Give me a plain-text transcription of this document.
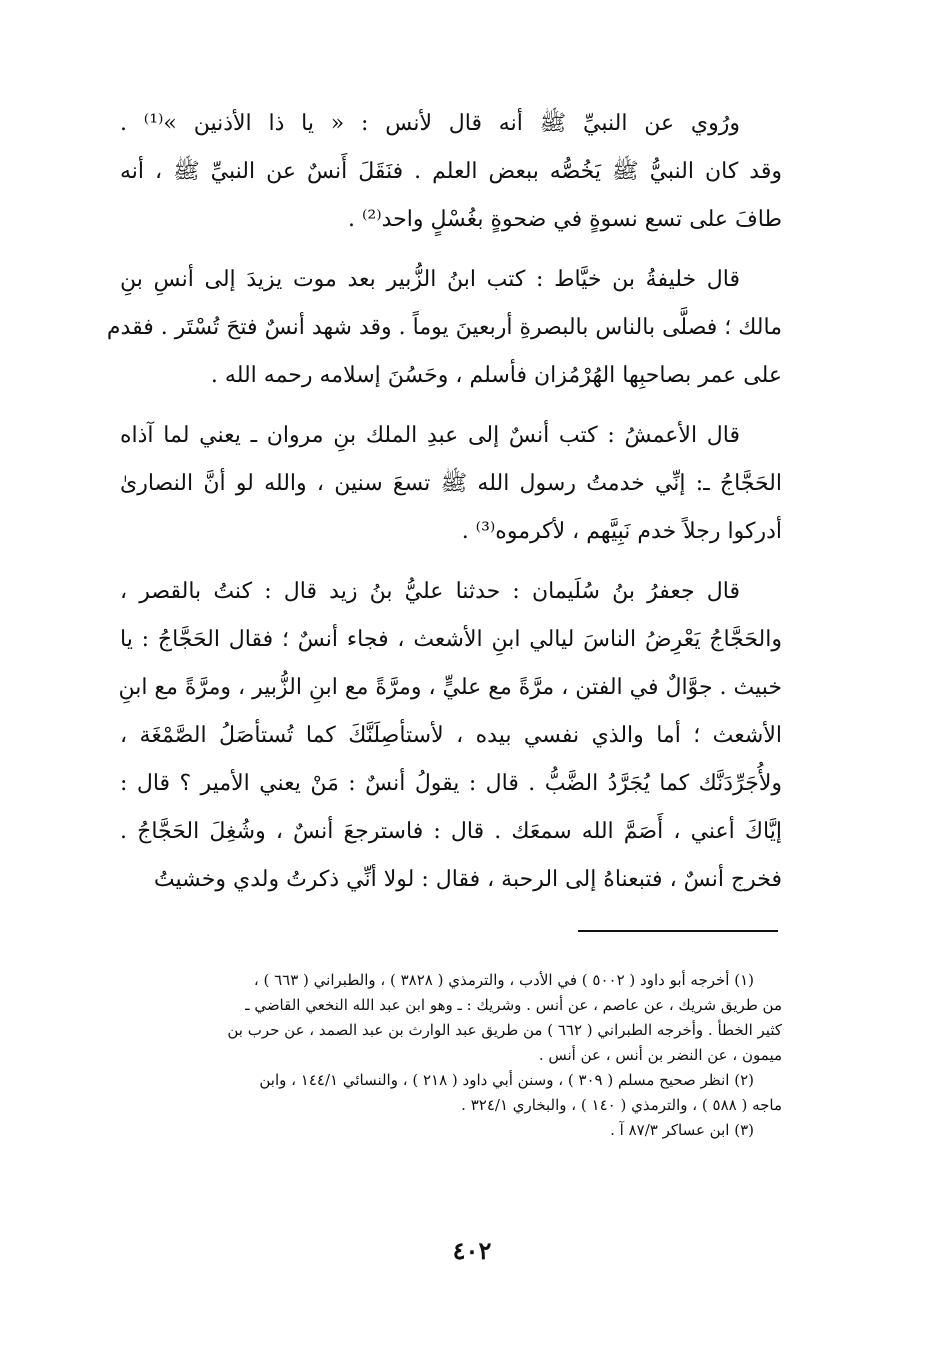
ورُوي عن النبيِّ ﷺ أنه قال لأنس : « يا ذا الأذنين »⁽¹⁾ . وقد كان النبيُّ ﷺ يَخُصُّه ببعض العلم . فنَقَلَ أَنسٌ عن النبيِّ ﷺ ، أنه طافَ على تسع نسوةٍ في ضحوةٍ بغُسْلٍ واحد⁽²⁾ .
قال خليفةُ بن خيَّاط : كتب ابنُ الزُّبير بعد موت يزيدَ إلى أنسِ بنِ مالك ؛ فصلَّى بالناس بالبصرةِ أربعينَ يوماً . وقد شهد أنسٌ فتحَ تُسْتَر . فقدم على عمر بصاحبِها الهُرْمُزان فأسلم ، وحَسُنَ إسلامه رحمه الله .
قال الأعمشُ : كتب أنسٌ إلى عبدِ الملك بنِ مروان ـ يعني لما آذاه الحَجَّاجُ ـ: إنِّي خدمتُ رسول الله ﷺ تسعَ سنين ، والله لو أنَّ النصارىٰ أدركوا رجلاً خدم نَبِيَّهم ، لأكرموه⁽³⁾ .
قال جعفرُ بنُ سُلَيمان : حدثنا عليُّ بنُ زيد قال : كنتُ بالقصر ، والحَجَّاجُ يَعْرِضُ الناسَ ليالي ابنِ الأشعث ، فجاء أنسٌ ؛ فقال الحَجَّاجُ : يا خبيث . جوَّالٌ في الفتن ، مرَّةً مع عليٍّ ، ومرَّةً مع ابنِ الزُّبير ، ومرَّةً مع ابنِ الأشعث ؛ أما والذي نفسي بيده ، لأستأصِلَنَّكَ كما تُستأصَلُ الصَّمْغَة ، ولأُجَرِّدَنَّك كما يُجَرَّدُ الضَّبُّ . قال : يقولُ أنسٌ : مَنْ يعني الأمير ؟ قال : إيَّاكَ أعني ، أَصَمَّ الله سمعَك . قال : فاسترجعَ أنسٌ ، وشُغِلَ الحَجَّاجُ . فخرج أنسٌ ، فتبعناهُ إلى الرحبة ، فقال : لولا أنِّي ذكرتُ ولدي وخشيتُ
(١) أخرجه أبو داود ( ٥٠٠٢ ) في الأدب ، والترمذي ( ٣٨٢٨ ) ، والطبراني ( ٦٦٣ ) ،
من طريق شريك ، عن عاصم ، عن أنس . وشريك : ـ وهو ابن عبد الله النخعي القاضي ـ
كثير الخطأ . وأخرجه الطبراني ( ٦٦٢ ) من طريق عبد الوارث بن عبد الصمد ، عن حرب بن
ميمون ، عن النضر بن أنس ، عن أنس .
(٢) انظر صحيح مسلم ( ٣٠٩ ) ، وسنن أبي داود ( ٢١٨ ) ، والنسائي ١٤٤/١ ، وابن
ماجه ( ٥٨٨ ) ، والترمذي ( ١٤٠ ) ، والبخاري ٣٢٤/١ .
(٣) ابن عساكر ٨٧/٣ آ .
٤٠٢
